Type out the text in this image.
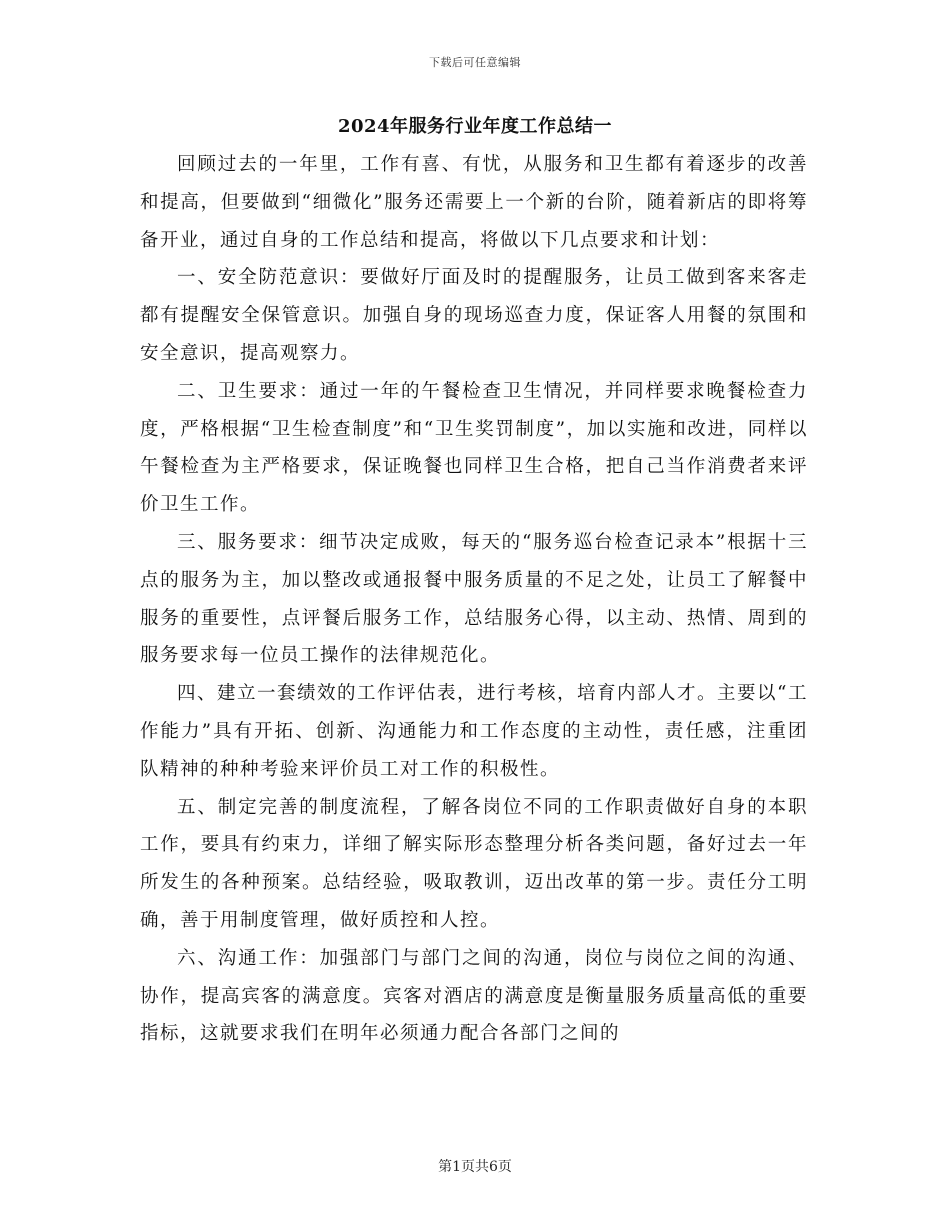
下载后可任意编辑
2024年服务行业年度工作总结一

回顾过去的一年里，工作有喜、有忧，从服务和卫生都有着逐步的改善和提高，但要做到“细微化”服务还需要上一个新的台阶，随着新店的即将筹备开业，通过自身的工作总结和提高，将做以下几点要求和计划：

一、安全防范意识：要做好厅面及时的提醒服务，让员工做到客来客走都有提醒安全保管意识。加强自身的现场巡查力度，保证客人用餐的氛围和安全意识，提高观察力。

二、卫生要求：通过一年的午餐检查卫生情况，并同样要求晚餐检查力度，严格根据“卫生检查制度”和“卫生奖罚制度”，加以实施和改进，同样以午餐检查为主严格要求，保证晚餐也同样卫生合格，把自己当作消费者来评价卫生工作。

三、服务要求：细节决定成败，每天的“服务巡台检查记录本”根据十三点的服务为主，加以整改或通报餐中服务质量的不足之处，让员工了解餐中服务的重要性，点评餐后服务工作，总结服务心得，以主动、热情、周到的服务要求每一位员工操作的法律规范化。

四、建立一套绩效的工作评估表，进行考核，培育内部人才。主要以“工作能力”具有开拓、创新、沟通能力和工作态度的主动性，责任感，注重团队精神的种种考验来评价员工对工作的积极性。

五、制定完善的制度流程，了解各岗位不同的工作职责做好自身的本职工作，要具有约束力，详细了解实际形态整理分析各类问题，备好过去一年所发生的各种预案。总结经验，吸取教训，迈出改革的第一步。责任分工明确，善于用制度管理，做好质控和人控。

六、沟通工作：加强部门与部门之间的沟通，岗位与岗位之间的沟通、协作，提高宾客的满意度。宾客对酒店的满意度是衡量服务质量高低的重要指标，这就要求我们在明年必须通力配合各部门之间的

第1页共6页
